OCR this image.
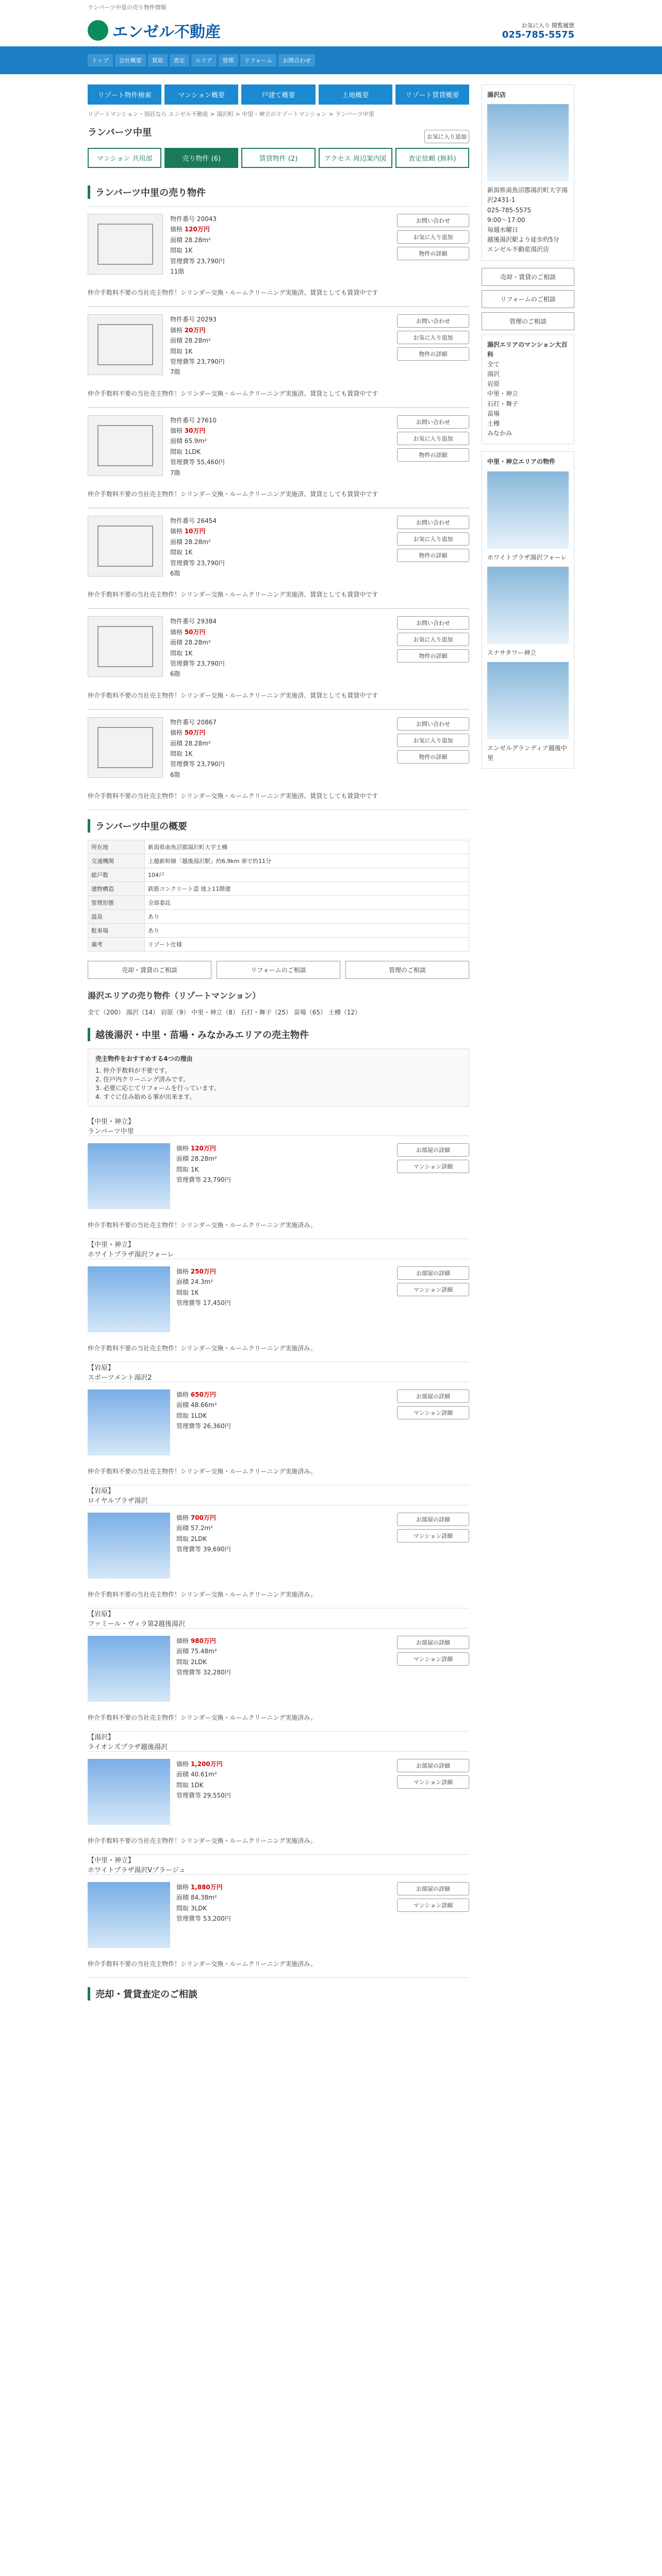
ランバーツ中里の売り物件情報
エンゼル不動産	お気に入り 閲覧履歴
025-785-5575
トップ	会社概要	買取	査定	エリア	管理	リフォーム	お問合わせ
リゾート物件検索	マンション概要	戸建て概要	土地概要	リゾート賃貸概要
リゾートマンション・別荘なら エンゼル不動産 > 湯沢町 > 中里・神立のリゾートマンション > ランバーツ中里
ランバーツ中里	お気に入り追加
マンション 共用部	売り物件 (6)	賃貸物件 (2)	アクセス 周辺案内図	査定依頼 (無料)
ランバーツ中里の売り物件
物件番号 20043
価格 120万円
面積 28.28m²
間取 1K
管理費等 23,790円
11階
お問い合わせ
お気に入り追加
物件の詳細
仲介手数料不要の当社売主物件！シリンダー交換・ルームクリーニング実施済、賃貸としても賃貸中です
物件番号 20293
価格 20万円
面積 28.28m²
間取 1K
管理費等 23,790円
7階
お問い合わせ
お気に入り追加
物件の詳細
仲介手数料不要の当社売主物件！シリンダー交換・ルームクリーニング実施済、賃貸としても賃貸中です
物件番号 27610
価格 30万円
面積 65.9m²
間取 1LDK
管理費等 55,460円
7階
お問い合わせ
お気に入り追加
物件の詳細
仲介手数料不要の当社売主物件！シリンダー交換・ルームクリーニング実施済、賃貸としても賃貸中です
物件番号 26454
価格 10万円
面積 28.28m²
間取 1K
管理費等 23,790円
6階
お問い合わせ
お気に入り追加
物件の詳細
仲介手数料不要の当社売主物件！シリンダー交換・ルームクリーニング実施済、賃貸としても賃貸中です
物件番号 29384
価格 50万円
面積 28.28m²
間取 1K
管理費等 23,790円
6階
お問い合わせ
お気に入り追加
物件の詳細
仲介手数料不要の当社売主物件！シリンダー交換・ルームクリーニング実施済、賃貸としても賃貸中です
物件番号 20867
価格 50万円
面積 28.28m²
間取 1K
管理費等 23,790円
6階
お問い合わせ
お気に入り追加
物件の詳細
仲介手数料不要の当社売主物件！シリンダー交換・ルームクリーニング実施済、賃貸としても賃貸中です
ランバーツ中里の概要
所在地	新潟県南魚沼郡湯沢町大字土樽
交通機関	上越新幹線「越後湯沢駅」約6.9km 車で約11分
総戸数	104戸
建物構造	鉄筋コンクリート造 地上11階建
管理形態	全部委託
温泉	あり
駐車場	あり
備考	リゾート仕様
売却・賃貸のご相談	リフォームのご相談	管理のご相談
湯沢エリアの売り物件（リゾートマンション）
全て（200） 湯沢（14） 岩原（9） 中里・神立（8） 石打・舞子（25） 苗場（65） 土樽（12）
越後湯沢・中里・苗場・みなかみエリアの売主物件
売主物件をおすすめする4つの理由
1. 仲介手数料が不要です。
2. 住戸内クリーニング済みです。
3. 必要に応じてリフォームを行っています。
4. すぐに住み始める事が出来ます。
【中里・神立】
ランバーツ中里
価格 120万円
面積 28.28m²
間取 1K
管理費等 23,790円
お部屋の詳細
マンション詳細
仲介手数料不要の当社売主物件！シリンダー交換・ルームクリーニング実施済み。
【中里・神立】
ホワイトプラザ湯沢フォーレ
価格 250万円
面積 24.3m²
間取 1K
管理費等 17,450円
お部屋の詳細
マンション詳細
仲介手数料不要の当社売主物件！シリンダー交換・ルームクリーニング実施済み。
【岩原】
スポーツメント湯沢2
価格 650万円
面積 48.66m²
間取 1LDK
管理費等 26,360円
お部屋の詳細
マンション詳細
仲介手数料不要の当社売主物件！シリンダー交換・ルームクリーニング実施済み。
【岩原】
ロイヤルプラザ湯沢
価格 700万円
面積 57.2m²
間取 2LDK
管理費等 39,690円
お部屋の詳細
マンション詳細
仲介手数料不要の当社売主物件！シリンダー交換・ルームクリーニング実施済み。
【岩原】
ファミール・ヴィラ第2越後湯沢
価格 980万円
面積 75.48m²
間取 2LDK
管理費等 32,280円
お部屋の詳細
マンション詳細
仲介手数料不要の当社売主物件！シリンダー交換・ルームクリーニング実施済み。
【湯沢】
ライオンズプラザ越後湯沢
価格 1,200万円
面積 40.61m²
間取 1DK
管理費等 29,550円
お部屋の詳細
マンション詳細
仲介手数料不要の当社売主物件！シリンダー交換・ルームクリーニング実施済み。
【中里・神立】
ホワイトプラザ湯沢Vプラージュ
価格 1,880万円
面積 84.38m²
間取 3LDK
管理費等 53,200円
お部屋の詳細
マンション詳細
仲介手数料不要の当社売主物件！シリンダー交換・ルームクリーニング実施済み。
売却・賃貸査定のご相談
湯沢店
新潟県南魚沼郡湯沢町大字湯沢2431-1
025-785-5575
9:00〜17:00
毎週水曜日
越後湯沢駅より徒歩約5分
エンゼル不動産湯沢店
売却・賃貸のご相談
リフォームのご相談
管理のご相談
湯沢エリアのマンション大百科
全て
湯沢
岩原
中里・神立
石打・舞子
苗場
土樽
みなかみ
中里・神立エリアの物件
ホワイトプラザ湯沢フォーレ
スナサタワー神立
エンゼルグランディア越後中里
